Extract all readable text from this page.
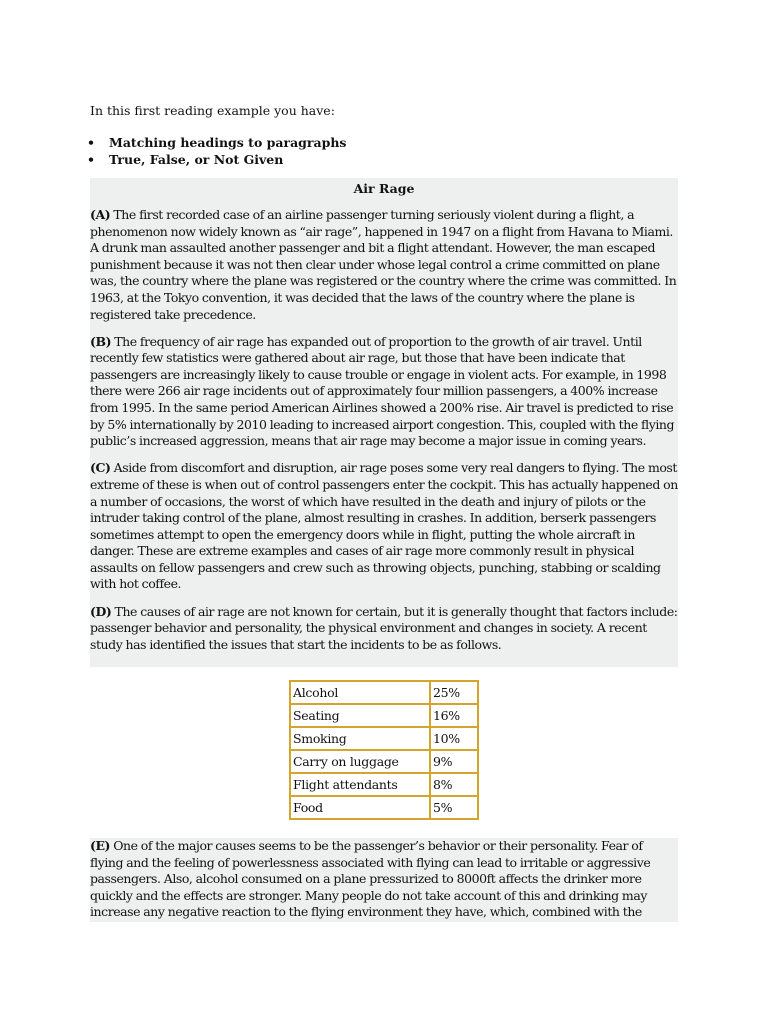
In this first reading example you have:

• Matching headings to paragraphs
• True, False, or Not Given
Air Rage

(A) The first recorded case of an airline passenger turning seriously violent during a flight, a phenomenon now widely known as “air rage”, happened in 1947 on a flight from Havana to Miami. A drunk man assaulted another passenger and bit a flight attendant. However, the man escaped punishment because it was not then clear under whose legal control a crime committed on plane was, the country where the plane was registered or the country where the crime was committed. In 1963, at the Tokyo convention, it was decided that the laws of the country where the plane is registered take precedence.

(B) The frequency of air rage has expanded out of proportion to the growth of air travel. Until recently few statistics were gathered about air rage, but those that have been indicate that passengers are increasingly likely to cause trouble or engage in violent acts. For example, in 1998 there were 266 air rage incidents out of approximately four million passengers, a 400% increase from 1995. In the same period American Airlines showed a 200% rise. Air travel is predicted to rise by 5% internationally by 2010 leading to increased airport congestion. This, coupled with the flying public’s increased aggression, means that air rage may become a major issue in coming years.

(C) Aside from discomfort and disruption, air rage poses some very real dangers to flying. The most extreme of these is when out of control passengers enter the cockpit. This has actually happened on a number of occasions, the worst of which have resulted in the death and injury of pilots or the intruder taking control of the plane, almost resulting in crashes. In addition, berserk passengers sometimes attempt to open the emergency doors while in flight, putting the whole aircraft in danger. These are extreme examples and cases of air rage more commonly result in physical assaults on fellow passengers and crew such as throwing objects, punching, stabbing or scalding with hot coffee.

(D) The causes of air rage are not known for certain, but it is generally thought that factors include: passenger behavior and personality, the physical environment and changes in society. A recent study has identified the issues that start the incidents to be as follows.

Alcohol	25%
Seating	16%
Smoking	10%
Carry on luggage	9%
Flight attendants	8%
Food	5%

(E) One of the major causes seems to be the passenger’s behavior or their personality. Fear of flying and the feeling of powerlessness associated with flying can lead to irritable or aggressive passengers. Also, alcohol consumed on a plane pressurized to 8000ft affects the drinker more quickly and the effects are stronger. Many people do not take account of this and drinking may increase any negative reaction to the flying environment they have, which, combined with the
